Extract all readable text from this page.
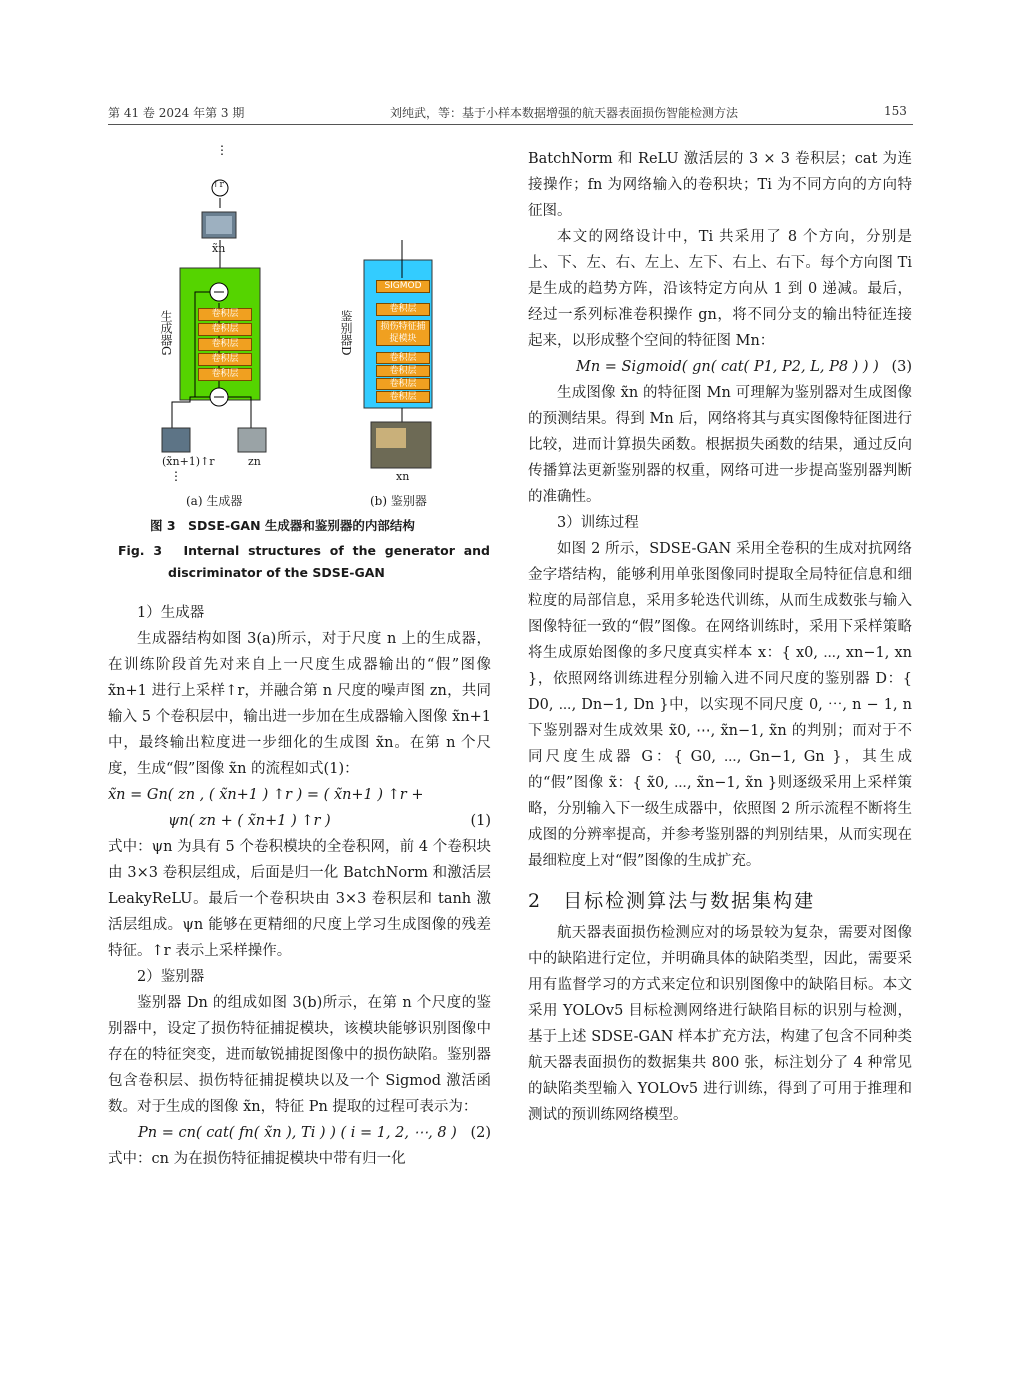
第 41 卷 2024 年第 3 期	刘纯武，等：基于小样本数据增强的航天器表面损伤智能检测方法	153
⋮
⋮
卷积层
卷积层
卷积层
卷积层
卷积层
SIGMOD
卷积层
损伤特征捕捉模块
卷积层
卷积层
卷积层
卷积层
↑r
x̃n
生成器G	鉴别器D
(x̃n+1)↑r	zn
xn
(a) 生成器	(b) 鉴别器
图 3　SDSE-GAN 生成器和鉴别器的内部结构
Fig. 3　Internal structures of the generator and
discriminator of the SDSE-GAN

1）生成器

生成器结构如图 3(a)所示，对于尺度 n 上的生成器，在训练阶段首先对来自上一尺度生成器输出的“假”图像 x̃n+1 进行上采样↑r，并融合第 n 尺度的噪声图 zn，共同输入 5 个卷积层中，输出进一步加在生成器输入图像 x̃n+1 中，最终输出粒度进一步细化的生成图 x̃n。在第 n 个尺度，生成“假”图像 x̃n 的流程如式(1)：

x̃n = Gn( zn , ( x̃n+1 ) ↑r ) = ( x̃n+1 ) ↑r +

ψn( zn + ( x̃n+1 ) ↑r )	(1)

式中：ψn 为具有 5 个卷积模块的全卷积网，前 4 个卷积块由 3×3 卷积层组成，后面是归一化 BatchNorm 和激活层 LeakyReLU。最后一个卷积块由 3×3 卷积层和 tanh 激活层组成。ψn 能够在更精细的尺度上学习生成图像的残差特征。↑r 表示上采样操作。

2）鉴别器

鉴别器 Dn 的组成如图 3(b)所示，在第 n 个尺度的鉴别器中，设定了损伤特征捕捉模块，该模块能够识别图像中存在的特征突变，进而敏锐捕捉图像中的损伤缺陷。鉴别器包含卷积层、损伤特征捕捉模块以及一个 Sigmod 激活函数。对于生成的图像 x̃n，特征 Pn 提取的过程可表示为：

Pn = cn( cat( fn( x̃n ), Ti ) ) ( i = 1, 2, ⋯, 8 ) (2)

式中：cn 为在损伤特征捕捉模块中带有归一化

BatchNorm 和 ReLU 激活层的 3 × 3 卷积层；cat 为连接操作；fn 为网络输入的卷积块；Ti 为不同方向的方向特征图。

本文的网络设计中，Ti 共采用了 8 个方向，分别是上、下、左、右、左上、左下、右上、右下。每个方向图 Ti 是生成的趋势方阵，沿该特定方向从 1 到 0 递减。最后，经过一系列标准卷积操作 gn，将不同分支的输出特征连接起来，以形成整个空间的特征图 Mn：

Mn = Sigmoid( gn( cat( P1, P2, L, P8 ) ) ) (3)

生成图像 x̃n 的特征图 Mn 可理解为鉴别器对生成图像的预测结果。得到 Mn 后，网络将其与真实图像特征图进行比较，进而计算损失函数。根据损失函数的结果，通过反向传播算法更新鉴别器的权重，网络可进一步提高鉴别器判断的准确性。

3）训练过程

如图 2 所示，SDSE-GAN 采用全卷积的生成对抗网络金字塔结构，能够利用单张图像同时提取全局特征信息和细粒度的局部信息，采用多轮迭代训练，从而生成数张与输入图像特征一致的“假”图像。在网络训练时，采用下采样策略将生成原始图像的多尺度真实样本 x：{ x0, ⋯, xn−1, xn }，依照网络训练进程分别输入进不同尺度的鉴别器 D：{ D0, ⋯, Dn−1, Dn }中，以实现不同尺度 0, ⋯, n − 1, n 下鉴别器对生成效果 x̃0, ⋯, x̃n−1, x̃n 的判别；而对于不同尺度生成器 G：{ G0, ⋯, Gn−1, Gn }，其生成的“假”图像 x̃：{ x̃0, ⋯, x̃n−1, x̃n }则逐级采用上采样策略，分别输入下一级生成器中，依照图 2 所示流程不断将生成图的分辨率提高，并参考鉴别器的判别结果，从而实现在最细粒度上对“假”图像的生成扩充。

2　目标检测算法与数据集构建

航天器表面损伤检测应对的场景较为复杂，需要对图像中的缺陷进行定位，并明确具体的缺陷类型，因此，需要采用有监督学习的方式来定位和识别图像中的缺陷目标。本文采用 YOLOv5 目标检测网络进行缺陷目标的识别与检测，基于上述 SDSE-GAN 样本扩充方法，构建了包含不同种类航天器表面损伤的数据集共 800 张，标注划分了 4 种常见的缺陷类型输入 YOLOv5 进行训练，得到了可用于推理和测试的预训练网络模型。
